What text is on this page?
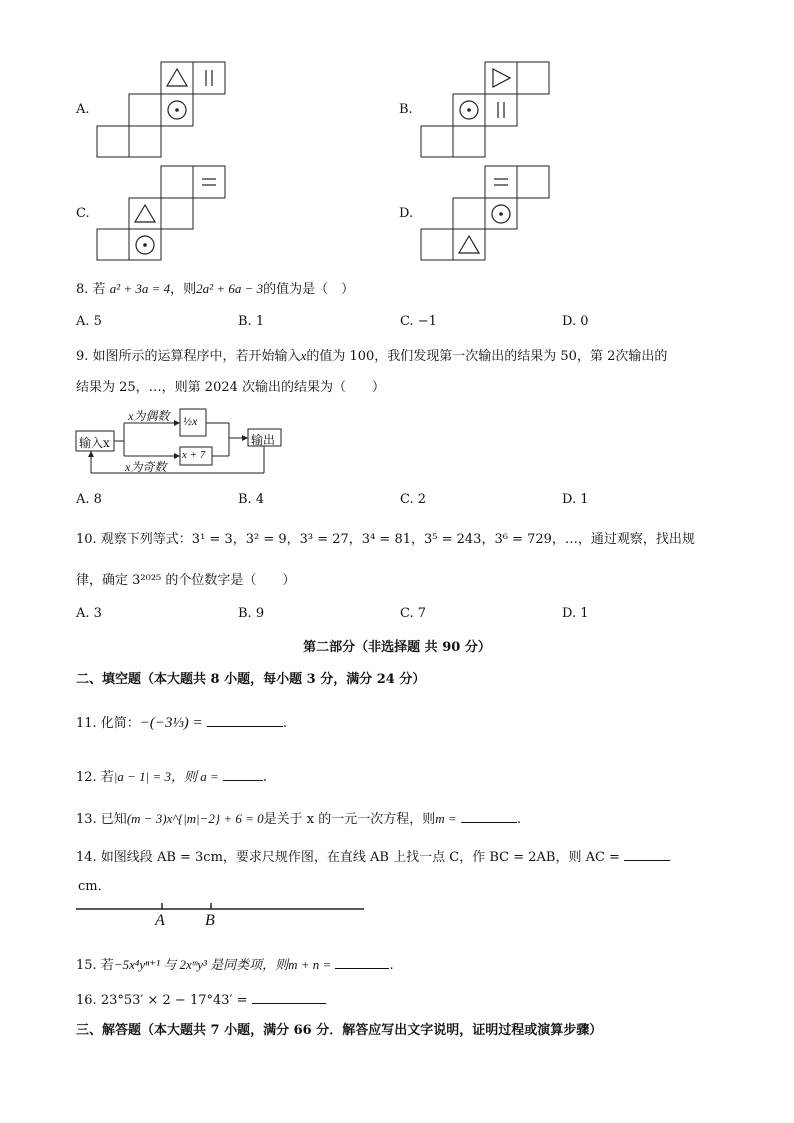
A.	B.
C.	D.
8. 若 a² + 3a = 4，则2a² + 6a − 3的值为是（　）
A. 5	B. 1	C. −1	D. 0
9. 如图所示的运算程序中，若开始输入x的值为 100，我们发现第一次输出的结果为 50，第 2次输出的
结果为 25，…，则第 2024 次输出的结果为（　　）
输入x
x为偶数
x为奇数
½x
x + 7
输出
A. 8	B. 4	C. 2	D. 1
10. 观察下列等式：3¹ = 3，3² = 9，3³ = 27，3⁴ = 81，3⁵ = 243，3⁶ = 729，…，通过观察，找出规
律，确定 3²⁰²⁵ 的个位数字是（　　）
A. 3	B. 9	C. 7	D. 1
第二部分（非选择题 共 90 分）
二、填空题（本大题共 8 小题，每小题 3 分，满分 24 分）
11. 化简：−(−3⅓) =	.
12. 若|a − 1| = 3，则 a =	.
13. 已知(m − 3)x^{|m|−2} + 6 = 0是关于 x 的一元一次方程，则m =	.
14. 如图线段 AB = 3cm，要求尺规作图，在直线 AB 上找一点 C，作 BC = 2AB，则 AC =
cm．
A	B
15. 若−5x⁴yⁿ⁺¹ 与 2xᵐy³ 是同类项，则m + n =	.
16. 23°53′ × 2 − 17°43′ =
三、解答题（本大题共 7 小题，满分 66 分．解答应写出文字说明，证明过程或演算步骤）
